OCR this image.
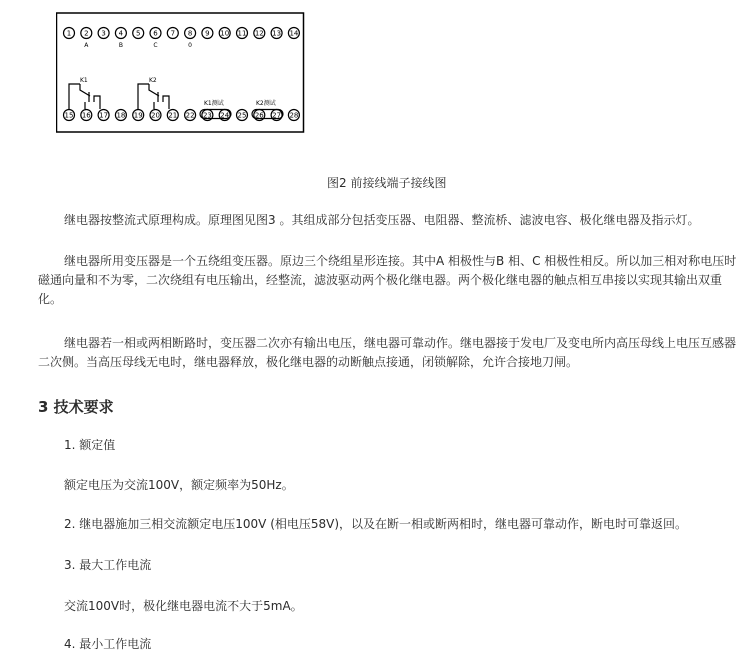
1 2 3 4 5 6 7 8 9 10 11 12 13 14
15 16 17 18 19 20 21 22 23 24 25 26 27 28
A	B	C	0
K1	K2
K1测试	K2测试
图2 前接线端子接线图
继电器按整流式原理构成。原理图见图3 。其组成部分包括变压器、电阻器、整流桥、滤波电容、极化继电器及指示灯。
继电器所用变压器是一个五绕组变压器。原边三个绕组星形连接。其中A 相极性与B 相、C 相极性相反。所以加三相对称电压时磁通向量和不为零，二次绕组有电压输出，经整流，滤波驱动两个极化继电器。两个极化继电器的触点相互串接以实现其输出双重化。
继电器若一相或两相断路时，变压器二次亦有输出电压，继电器可靠动作。继电器接于发电厂及变电所内高压母线上电压互感器二次侧。当高压母线无电时，继电器释放，极化继电器的动断触点接通，闭锁解除，允许合接地刀闸。
3 技术要求
1. 额定值
额定电压为交流100V，额定频率为50Hz。
2. 继电器施加三相交流额定电压100V (相电压58V)，以及在断一相或断两相时，继电器可靠动作，断电时可靠返回。
3. 最大工作电流
交流100V时，极化继电器电流不大于5mA。
4. 最小工作电流
